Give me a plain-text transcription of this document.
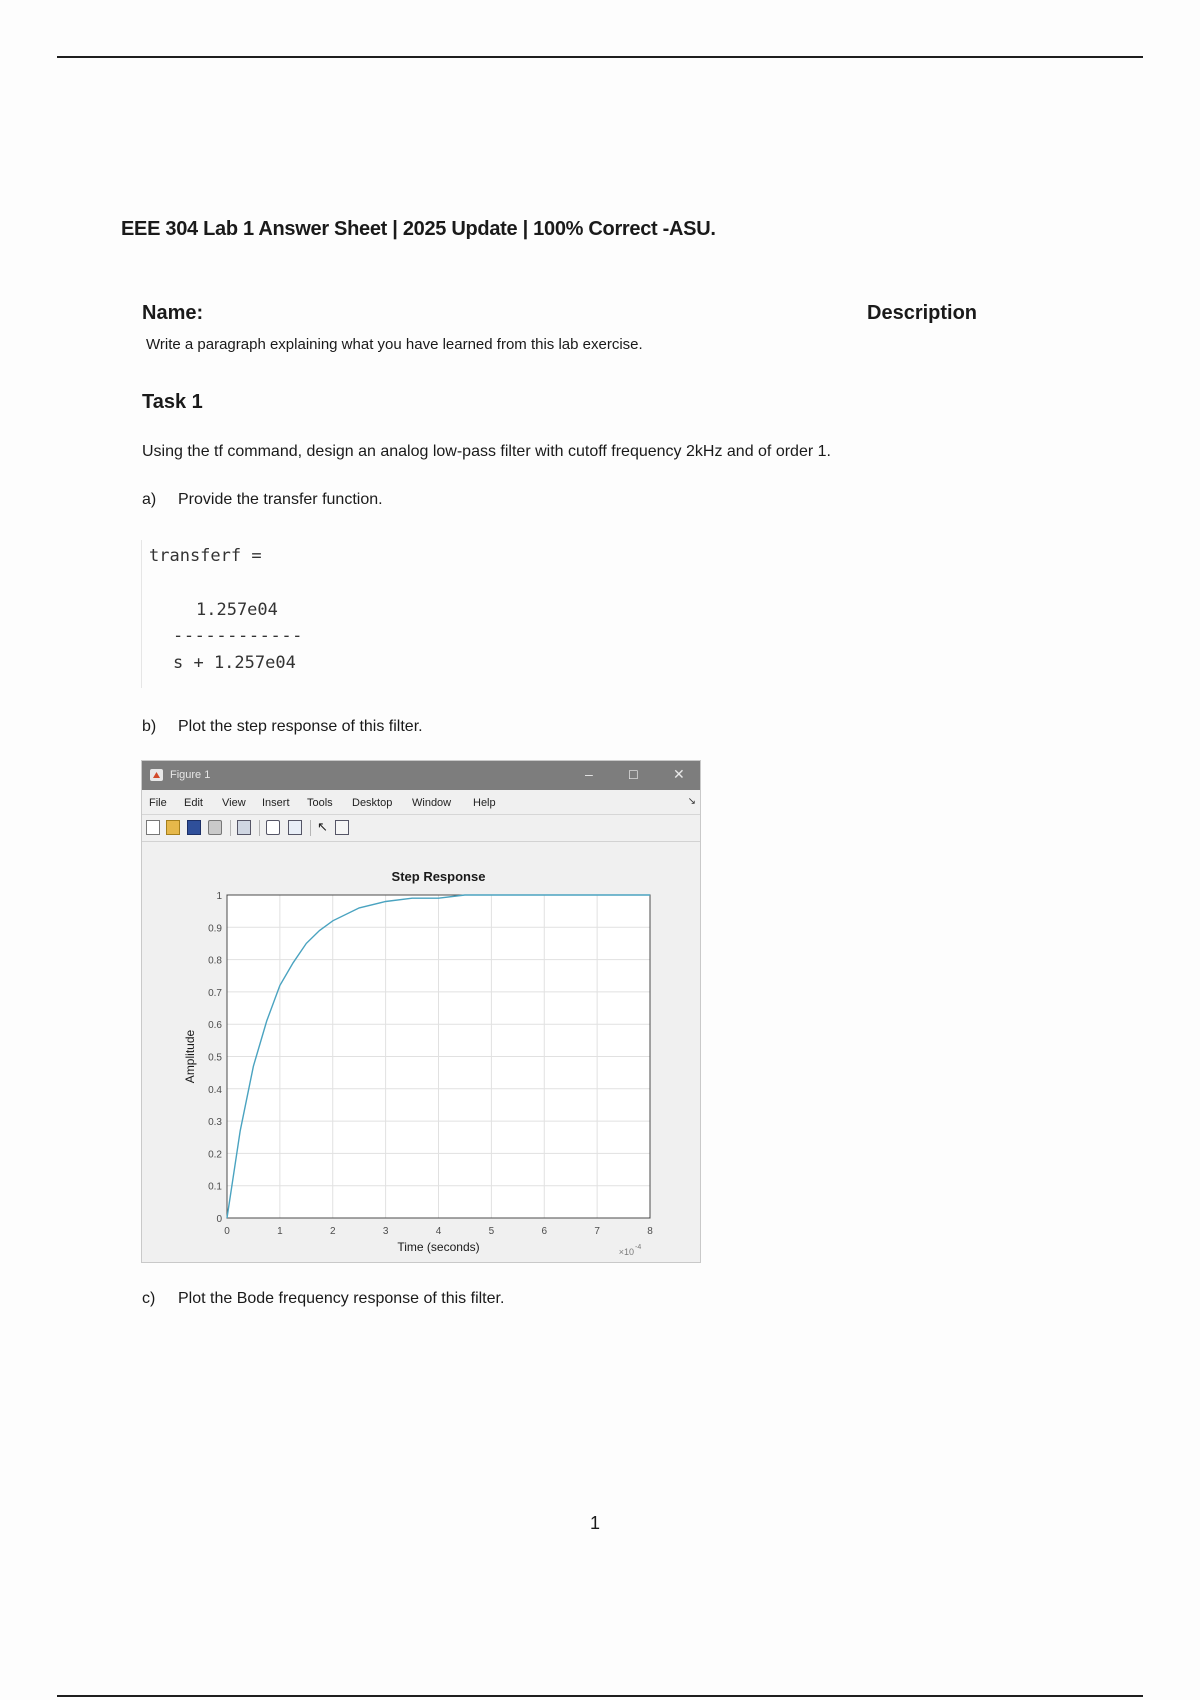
EEE 304 Lab 1 Answer Sheet | 2025 Update | 100% Correct -ASU.
Name:	Description
Write a paragraph explaining what you have learned from this lab exercise.
Task 1
Using the tf command, design an analog low-pass filter with cutoff frequency 2kHz and of order 1.
a) Provide the transfer function.
transferf =
1.257e04
------------
s + 1.257e04
b) Plot the step response of this filter.
Figure 1	–	☐ ✕
File Edit View Insert Tools Desktop Window Help	↘
↖
0	1	2	3	4	5	6	7	8
0
0.1
0.2
0.3
0.4
0.5
0.6
0.7
0.8
0.9
1
Step Response
Time (seconds)
Amplitude
×10 -4
c) Plot the Bode frequency response of this filter.
1
